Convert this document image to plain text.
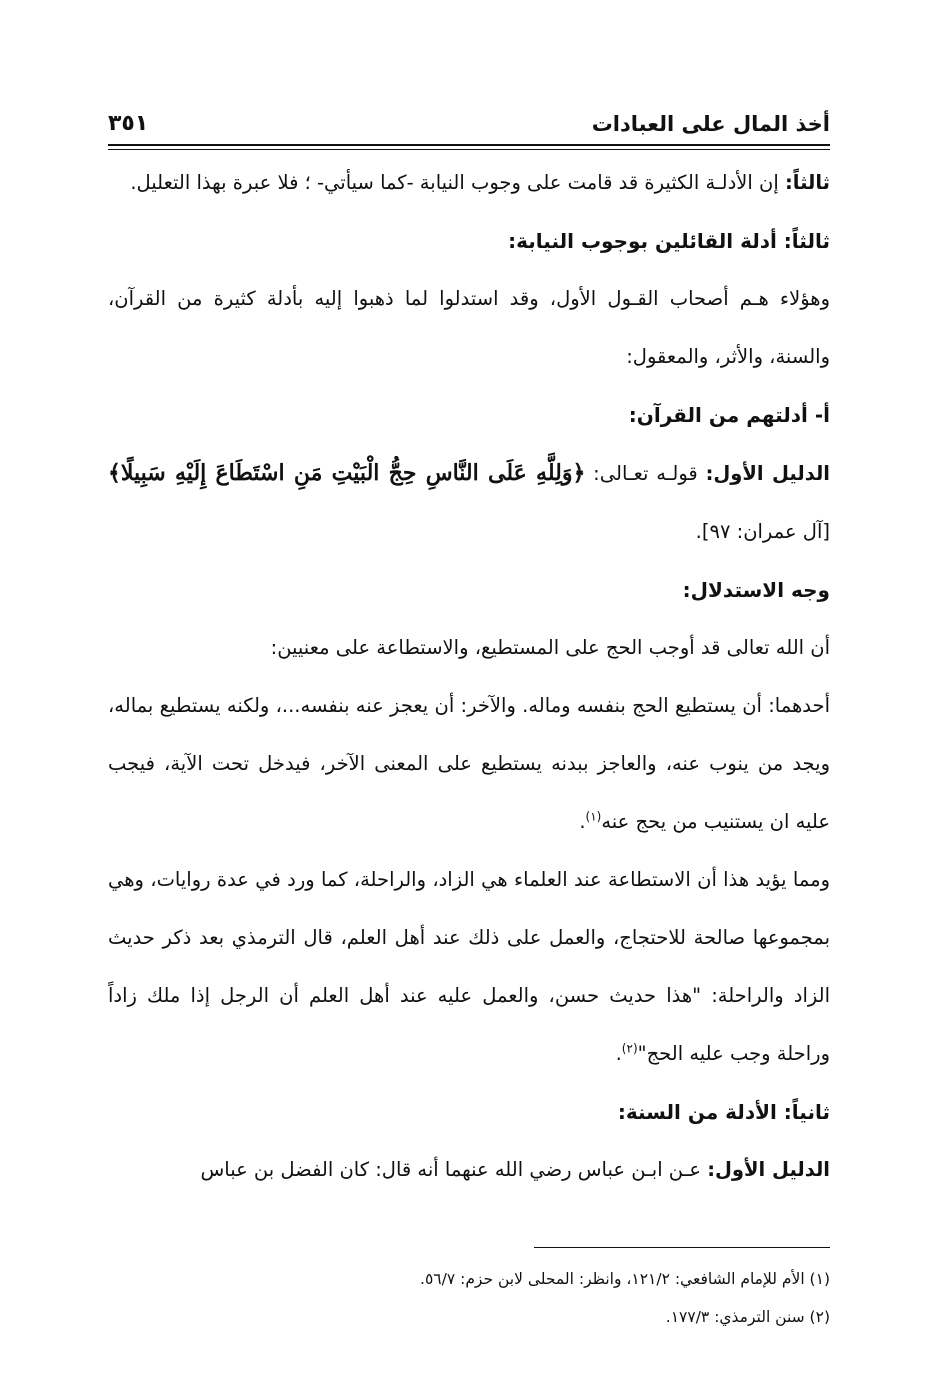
أخذ المال على العبادات
٣٥١

ثالثاً: إن الأدلـة الكثيرة قد قامت على وجوب النيابة -كما سيأتي- ؛ فلا عبرة بهذا التعليل.

ثالثاً: أدلة القائلين بوجوب النيابة:

وهؤلاء هـم أصحاب القـول الأول، وقد استدلوا لما ذهبوا إليه بأدلة كثيرة من القرآن، والسنة، والأثر، والمعقول:

أ- أدلتهم من القرآن:

الدليل الأول: قولـه تعـالى: ﴿وَلِلَّهِ عَلَى النَّاسِ حِجُّ الْبَيْتِ مَنِ اسْتَطَاعَ إِلَيْهِ سَبِيلًا﴾[آل عمران: ٩٧].

وجه الاستدلال:

أن الله تعالى قد أوجب الحج على المستطيع، والاستطاعة على معنيين:

أحدهما: أن يستطيع الحج بنفسه وماله. والآخر: أن يعجز عنه بنفسه...، ولكنه يستطيع بماله، ويجد من ينوب عنه، والعاجز ببدنه يستطيع على المعنى الآخر، فيدخل تحت الآية، فيجب عليه ان يستنيب من يحج عنه$^{(١)}$.

ومما يؤيد هذا أن الاستطاعة عند العلماء هي الزاد، والراحلة، كما ورد في عدة روايات، وهي بمجموعها صالحة للاحتجاج، والعمل على ذلك عند أهل العلم، قال الترمذي بعد ذكر حديث الزاد والراحلة: "هذا حديث حسن، والعمل عليه عند أهل العلم أن الرجل إذا ملك زاداً وراحلة وجب عليه الحج"$^{(٢)}$.

ثانياً: الأدلة من السنة:

الدليل الأول: عـن ابـن عباس رضي الله عنهما أنه قال: كان الفضل بن عباس

(١) الأم للإمام الشافعي: ١٢١/٢، وانظر: المحلى لابن حزم: ٥٦/٧.

(٢) سنن الترمذي: ١٧٧/٣.
